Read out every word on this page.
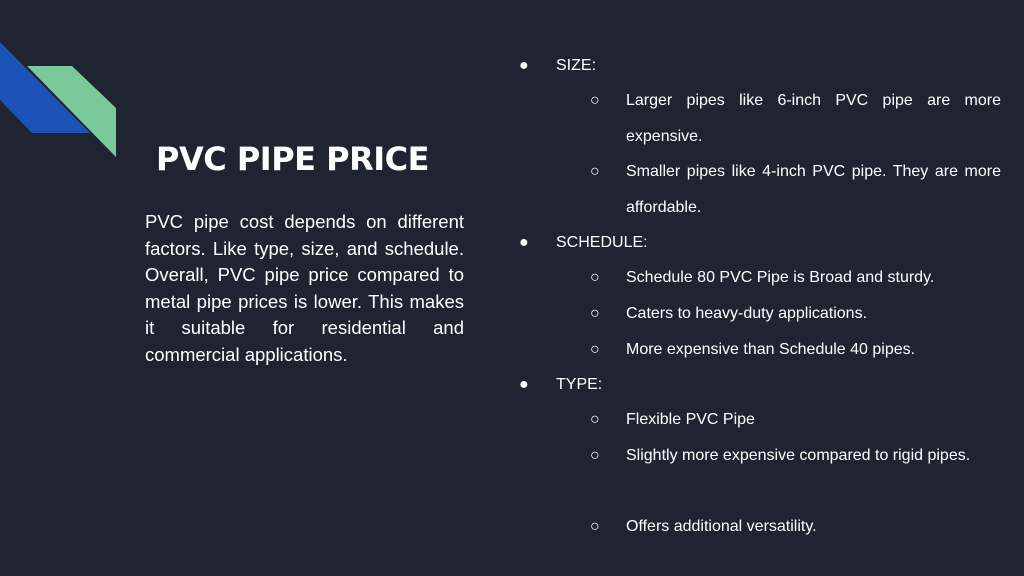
PVC PIPE PRICE

PVC pipe cost depends on different factors. Like type, size, and schedule. Overall, PVC pipe price compared to metal pipe prices is lower. This makes it suitable for residential and commercial applications.

● SIZE:
○ Larger pipes like 6-inch PVC pipe are more expensive.
○ Smaller pipes like 4-inch PVC pipe. They are more affordable.
● SCHEDULE:
○ Schedule 80 PVC Pipe is Broad and sturdy.
○ Caters to heavy-duty applications.
○ More expensive than Schedule 40 pipes.
● TYPE:
○ Flexible PVC Pipe
○ Slightly more expensive compared to rigid pipes.
○ Offers additional versatility.
